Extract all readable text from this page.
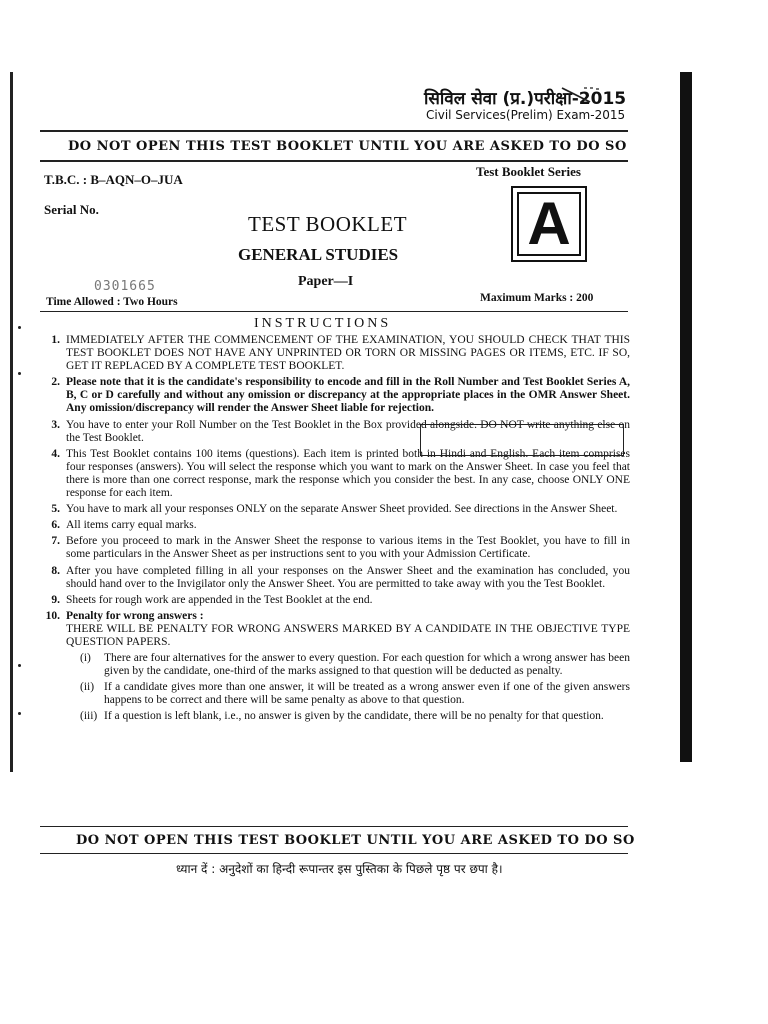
सिविल सेवा (प्र.)परीक्षा-2015
Civil Services(Prelim) Exam-2015
DO NOT OPEN THIS TEST BOOKLET UNTIL YOU ARE ASKED TO DO SO
T.B.C. : B–AQN–O–JUA
Test Booklet Series
A
Serial No.
TEST BOOKLET
GENERAL STUDIES
Paper—I
0301665
Time Allowed : Two Hours	Maximum Marks : 200
INSTRUCTIONS
1. IMMEDIATELY AFTER THE COMMENCEMENT OF THE EXAMINATION, YOU SHOULD CHECK THAT THIS TEST BOOKLET DOES NOT HAVE ANY UNPRINTED OR TORN OR MISSING PAGES OR ITEMS, ETC. IF SO, GET IT REPLACED BY A COMPLETE TEST BOOKLET.
2. Please note that it is the candidate's responsibility to encode and fill in the Roll Number and Test Booklet Series A, B, C or D carefully and without any omission or discrepancy at the appropriate places in the OMR Answer Sheet. Any omission/discrepancy will render the Answer Sheet liable for rejection.
3. You have to enter your Roll Number on the Test Booklet in the Box provided alongside. DO NOT write anything else on the Test Booklet.
4. This Test Booklet contains 100 items (questions). Each item is printed both in Hindi and English. Each item comprises four responses (answers). You will select the response which you want to mark on the Answer Sheet. In case you feel that there is more than one correct response, mark the response which you consider the best. In any case, choose ONLY ONE response for each item.
5. You have to mark all your responses ONLY on the separate Answer Sheet provided. See directions in the Answer Sheet.
6. All items carry equal marks.
7. Before you proceed to mark in the Answer Sheet the response to various items in the Test Booklet, you have to fill in some particulars in the Answer Sheet as per instructions sent to you with your Admission Certificate.
8. After you have completed filling in all your responses on the Answer Sheet and the examination has concluded, you should hand over to the Invigilator only the Answer Sheet. You are permitted to take away with you the Test Booklet.
9. Sheets for rough work are appended in the Test Booklet at the end.
10. Penalty for wrong answers :
THERE WILL BE PENALTY FOR WRONG ANSWERS MARKED BY A CANDIDATE IN THE OBJECTIVE TYPE QUESTION PAPERS.
(i)	There are four alternatives for the answer to every question. For each question for which a wrong answer has been given by the candidate, one-third of the marks assigned to that question will be deducted as penalty.
(ii) If a candidate gives more than one answer, it will be treated as a wrong answer even if one of the given answers happens to be correct and there will be same penalty as above to that question.
(iii) If a question is left blank, i.e., no answer is given by the candidate, there will be no penalty for that question.
DO NOT OPEN THIS TEST BOOKLET UNTIL YOU ARE ASKED TO DO SO
ध्यान दें : अनुदेशों का हिन्दी रूपान्तर इस पुस्तिका के पिछले पृष्ठ पर छपा है।
